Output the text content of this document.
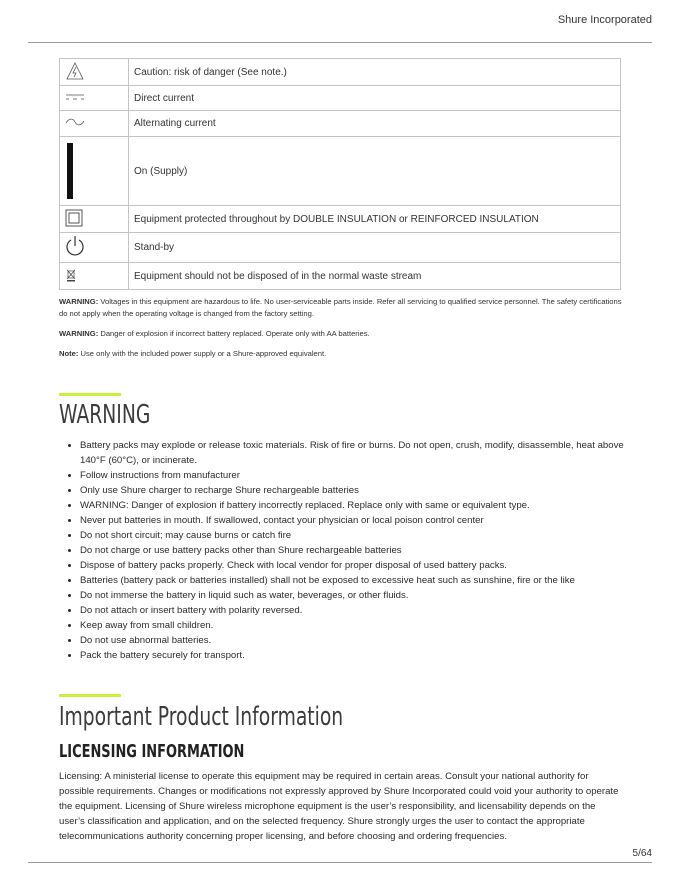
Shure Incorporated
	Caution: risk of danger (See note.)
	Direct current
	Alternating current

	On (Supply)
	Equipment protected throughout by DOUBLE INSULATION or REINFORCED INSULATION
	Stand-by
	Equipment should not be disposed of in the normal waste stream

WARNING: Voltages in this equipment are hazardous to life. No user-serviceable parts inside. Refer all servicing to qualified service personnel. The safety certifications do not apply when the operating voltage is changed from the factory setting.

WARNING: Danger of explosion if incorrect battery replaced. Operate only with AA batteries.

Note: Use only with the included power supply or a Shure-approved equivalent.

WARNING
• Battery packs may explode or release toxic materials. Risk of fire or burns. Do not open, crush, modify, disassemble, heat above 140°F (60°C), or incinerate.
• Follow instructions from manufacturer
• Only use Shure charger to recharge Shure rechargeable batteries
• WARNING: Danger of explosion if battery incorrectly replaced. Replace only with same or equivalent type.
• Never put batteries in mouth. If swallowed, contact your physician or local poison control center
• Do not short circuit; may cause burns or catch fire
• Do not charge or use battery packs other than Shure rechargeable batteries
• Dispose of battery packs properly. Check with local vendor for proper disposal of used battery packs.
• Batteries (battery pack or batteries installed) shall not be exposed to excessive heat such as sunshine, fire or the like
• Do not immerse the battery in liquid such as water, beverages, or other fluids.
• Do not attach or insert battery with polarity reversed.
• Keep away from small children.
• Do not use abnormal batteries.
• Pack the battery securely for transport.
Important Product Information
LICENSING INFORMATION
Licensing: A ministerial license to operate this equipment may be required in certain areas. Consult your national authority for possible requirements. Changes or modifications not expressly approved by Shure Incorporated could void your authority to operate the equipment. Licensing of Shure wireless microphone equipment is the user’s responsibility, and licensability depends on the user’s classification and application, and on the selected frequency. Shure strongly urges the user to contact the appropriate telecommunications authority concerning proper licensing, and before choosing and ordering frequencies.
5/64
